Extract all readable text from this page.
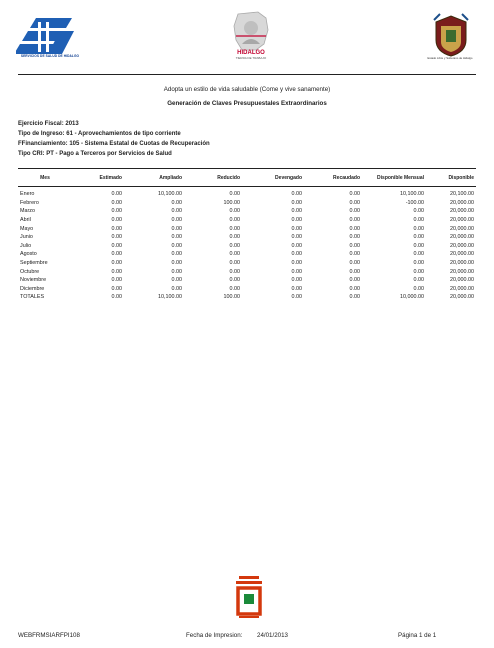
SERVICIOS DE SALUD DE HIDALGO	HIDALGO
TIERRA DE TRABAJO	Estado Libre y Soberano de Hidalgo
Adopta un estilo de vida saludable (Come y vive sanamente)
Generación de Claves Presupuestales Extraordinarios
Ejercicio Fiscal: 2013
Tipo de Ingreso: 61 - Aprovechamientos de tipo corriente
FFinanciamiento: 105 - Sistema Estatal de Cuotas de Recuperación
Tipo CRI: PT - Pago a Terceros por Servicios de Salud
Mes	Estimado	Ampliado	Reducido	Devengado	Recaudado	Disponible Mensual	Disponible
Enero	0.00	10,100.00	0.00	0.00	0.00	10,100.00	20,100.00
Febrero	0.00	0.00	100.00	0.00	0.00	-100.00	20,000.00
Marzo	0.00	0.00	0.00	0.00	0.00	0.00	20,000.00
Abril	0.00	0.00	0.00	0.00	0.00	0.00	20,000.00
Mayo	0.00	0.00	0.00	0.00	0.00	0.00	20,000.00
Junio	0.00	0.00	0.00	0.00	0.00	0.00	20,000.00
Julio	0.00	0.00	0.00	0.00	0.00	0.00	20,000.00
Agosto	0.00	0.00	0.00	0.00	0.00	0.00	20,000.00
Septiembre	0.00	0.00	0.00	0.00	0.00	0.00	20,000.00
Octubre	0.00	0.00	0.00	0.00	0.00	0.00	20,000.00
Noviembre	0.00	0.00	0.00	0.00	0.00	0.00	20,000.00
Diciembre	0.00	0.00	0.00	0.00	0.00	0.00	20,000.00
TOTALES	0.00	10,100.00	100.00	0.00	0.00	10,000.00	20,000.00
WEBFRMSIARFPI108	Fecha de Impresion: 24/01/2013	Página 1 de 1
